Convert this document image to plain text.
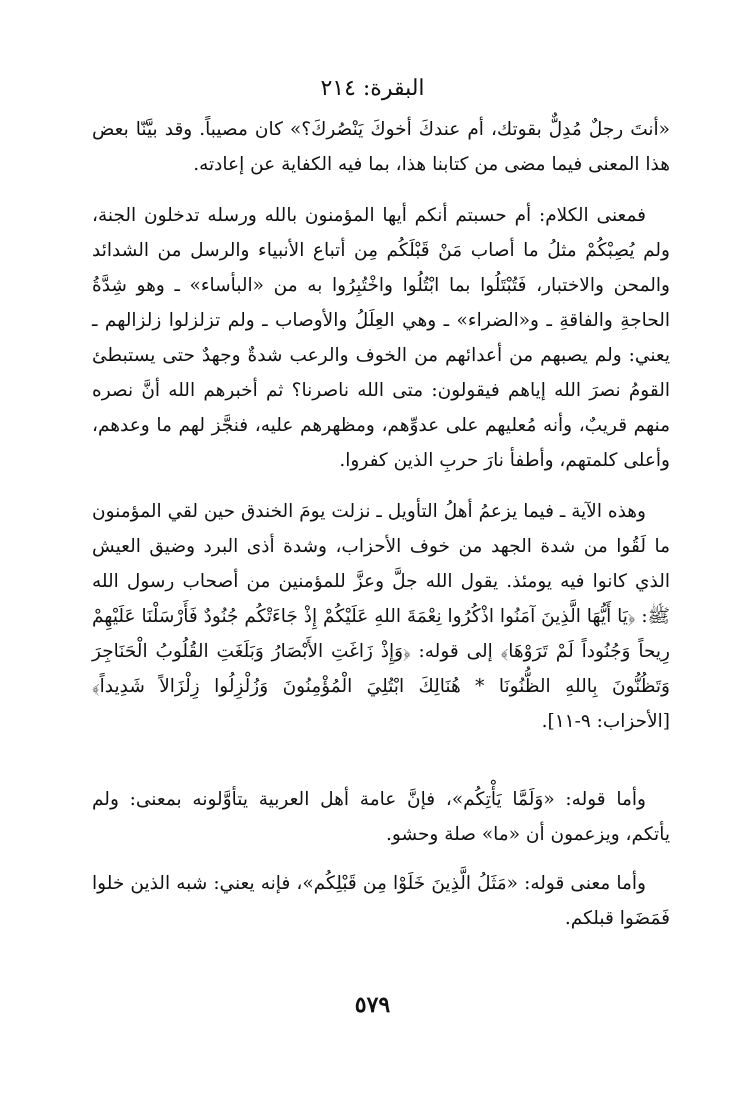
البقرة: ٢١٤

«أنتَ رجلٌ مُدِلٌّ بقوتك، أم عندكَ أخوكَ يَنْصُركَ؟» كان مصيباً. وقد بيَّنّا بعض هذا المعنى فيما مضى من كتابنا هذا، بما فيه الكفاية عن إعادته.

فمعنى الكلام: أم حسبتم أنكم أيها المؤمنون بالله ورسله تدخلون الجنة، ولم يُصِبْكُمْ مثلُ ما أصاب مَنْ قَبْلَكُم مِن أتباع الأنبياء والرسل من الشدائد والمحن والاختبار، فَتُبْتَلُوا بما ابْتُلُوا واخْتُبِرُوا به من «البأساء» ـ وهو شِدَّةُ الحاجةِ والفاقةِ ـ و«الضراء» ـ وهي العِلَلُ والأوصاب ـ ولم تزلزلوا زلزالهم ـ يعني: ولم يصبهم من أعدائهم من الخوف والرعب شدةٌ وجهدٌ حتى يستبطئ القومُ نصرَ الله إياهم فيقولون: متى الله ناصرنا؟ ثم أخبرهم الله أنَّ نصره منهم قريبٌ، وأنه مُعليهم على عدوِّهم، ومظهرهم عليه، فنجَّز لهم ما وعدهم، وأعلى كلمتهم، وأطفأ نارَ حربِ الذين كفروا.

وهذه الآية ـ فيما يزعمُ أهلُ التأويل ـ نزلت يومَ الخندق حين لقي المؤمنون ما لَقُوا من شدة الجهد من خوف الأحزاب، وشدة أذى البرد وضيق العيش الذي كانوا فيه يومئذ. يقول الله جلَّ وعزَّ للمؤمنين من أصحاب رسول الله ﷺ: ﴿يَا أَيُّهَا الَّذِينَ آمَنُوا اذْكُرُوا نِعْمَةَ اللهِ عَلَيْكُمْ إِذْ جَاءَتْكُم جُنُودٌ فَأَرْسَلْنَا عَلَيْهِمْ رِيحاً وَجُنُوداً لَمْ تَرَوْهَا﴾ إلى قوله: ﴿وَإِذْ زَاغَتِ الأَبْصَارُ وَبَلَغَتِ القُلُوبُ الْحَنَاجِرَ وَتَظُنُّونَ بِاللهِ الظُّنُونَا * هُنَالِكَ ابْتُلِيَ الْمُؤْمِنُونَ وَزُلْزِلُوا زِلْزَالاً شَدِيداً﴾ [الأحزاب: ٩-١١].

وأما قوله: «وَلَمَّا يَأْتِكُم»، فإنَّ عامة أهل العربية يتأوَّلونه بمعنى: ولم يأتكم، ويزعمون أن «ما» صلة وحشو.

وأما معنى قوله: «مَثَلُ الَّذِينَ خَلَوْا مِن قَبْلِكُم»، فإنه يعني: شبه الذين خلوا فَمَضَوا قبلكم.

٥٧٩
